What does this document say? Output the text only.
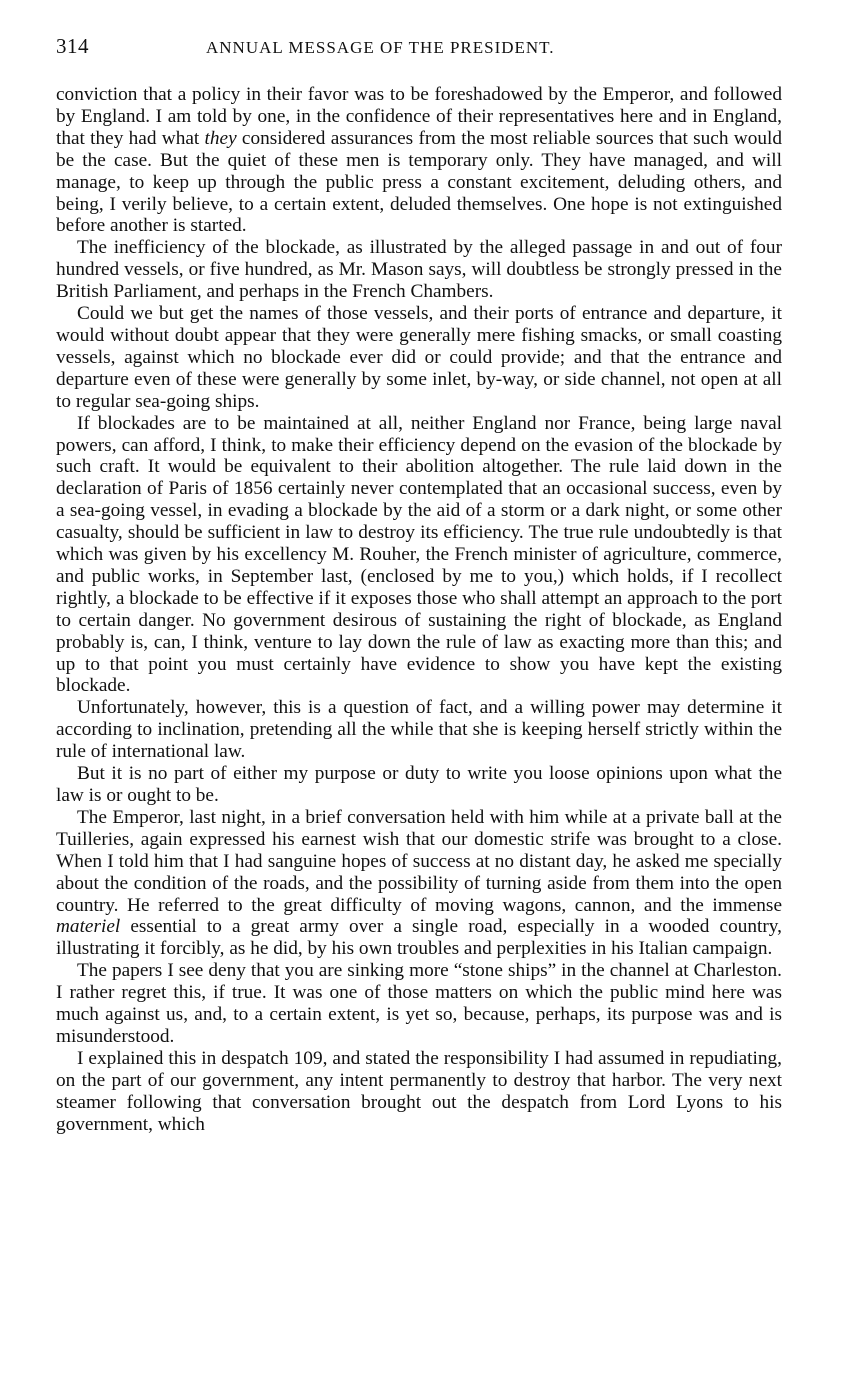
314	ANNUAL MESSAGE OF THE PRESIDENT.

conviction that a policy in their favor was to be foreshadowed by the Emperor, and followed by England. I am told by one, in the confidence of their representatives here and in England, that they had what they considered assurances from the most reliable sources that such would be the case. But the quiet of these men is temporary only. They have managed, and will manage, to keep up through the public press a constant excitement, deluding others, and being, I verily believe, to a certain extent, deluded themselves. One hope is not extinguished before another is started.

The inefficiency of the blockade, as illustrated by the alleged passage in and out of four hundred vessels, or five hundred, as Mr. Mason says, will doubtless be strongly pressed in the British Parliament, and perhaps in the French Chambers.

Could we but get the names of those vessels, and their ports of entrance and departure, it would without doubt appear that they were generally mere fishing smacks, or small coasting vessels, against which no blockade ever did or could provide; and that the entrance and departure even of these were generally by some inlet, by-way, or side channel, not open at all to regular sea-going ships.

If blockades are to be maintained at all, neither England nor France, being large naval powers, can afford, I think, to make their efficiency depend on the evasion of the blockade by such craft. It would be equivalent to their abolition altogether. The rule laid down in the declaration of Paris of 1856 certainly never contemplated that an occasional success, even by a sea-going vessel, in evading a blockade by the aid of a storm or a dark night, or some other casualty, should be sufficient in law to destroy its efficiency. The true rule undoubtedly is that which was given by his excellency M. Rouher, the French minister of agriculture, commerce, and public works, in September last, (enclosed by me to you,) which holds, if I recollect rightly, a blockade to be effective if it exposes those who shall attempt an approach to the port to certain danger. No government desirous of sustaining the right of blockade, as England probably is, can, I think, venture to lay down the rule of law as exacting more than this; and up to that point you must certainly have evidence to show you have kept the existing blockade.

Unfortunately, however, this is a question of fact, and a willing power may determine it according to inclination, pretending all the while that she is keeping herself strictly within the rule of international law.

But it is no part of either my purpose or duty to write you loose opinions upon what the law is or ought to be.

The Emperor, last night, in a brief conversation held with him while at a private ball at the Tuilleries, again expressed his earnest wish that our domestic strife was brought to a close. When I told him that I had sanguine hopes of success at no distant day, he asked me specially about the condition of the roads, and the possibility of turning aside from them into the open country. He referred to the great difficulty of moving wagons, cannon, and the immense materiel essential to a great army over a single road, especially in a wooded country, illustrating it forcibly, as he did, by his own troubles and perplexities in his Italian campaign.

The papers I see deny that you are sinking more “stone ships” in the channel at Charleston. I rather regret this, if true. It was one of those matters on which the public mind here was much against us, and, to a certain extent, is yet so, because, perhaps, its purpose was and is misunderstood.

I explained this in despatch 109, and stated the responsibility I had assumed in repudiating, on the part of our government, any intent permanently to destroy that harbor. The very next steamer following that conversation brought out the despatch from Lord Lyons to his government, which
